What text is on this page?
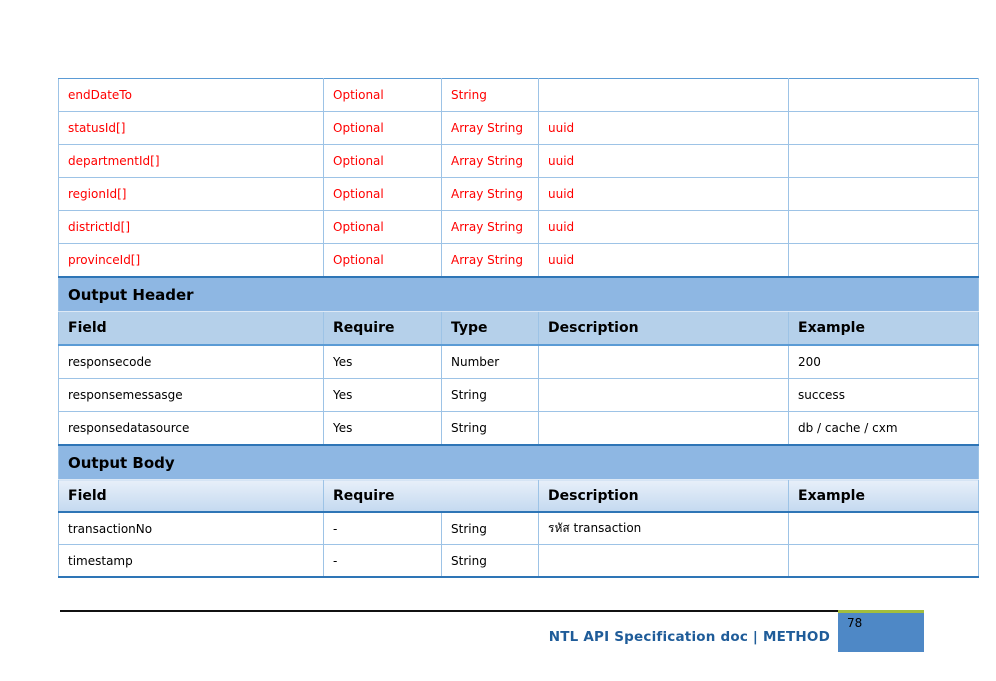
endDateTo	Optional	String		
statusId[]	Optional	Array String	uuid	
departmentId[]	Optional	Array String	uuid	
regionId[]	Optional	Array String	uuid	
districtId[]	Optional	Array String	uuid	
provinceId[]	Optional	Array String	uuid	
Output Header				
Field	Require	Type	Description	Example
responsecode	Yes	Number		200
responsemessasge	Yes	String		success
responsedatasource	Yes	String		db / cache / cxm
Output Body				
Field	Require		Description	Example
transactionNo	-	String	รหัส transaction	
timestamp	-	String		
NTL API Specification doc | METHOD
78
